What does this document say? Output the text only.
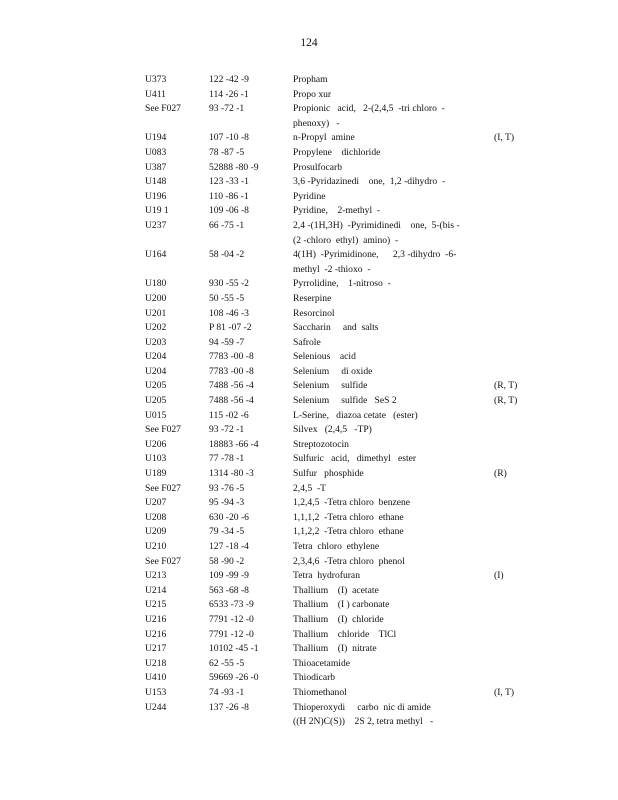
124
U373	122 -42 -9	Propham
U411	114 -26 -1	Propo xur
See F027	93 -72 -1	Propionic   acid,   2-(2,4,5  -tri chloro  -
phenoxy)   -
U194	107 -10 -8	n-Propyl  amine	(I, T)
U083	78 -87 -5	Propylene    dichloride
U387	52888 -80 -9	Prosulfocarb
U148	123 -33 -1	3,6 -Pyridazinedi    one,  1,2 -dihydro  -
U196	110 -86 -1	Pyridine
U19 1	109 -06 -8	Pyridine,    2-methyl  -
U237	66 -75 -1	2,4 -(1H,3H)  -Pyrimidinedi    one,  5-(bis -
(2 -chloro  ethyl)  amino)  -
U164	58 -04 -2	4(1H)  -Pyrimidinone,      2,3 -dihydro  -6-
methyl  -2 -thioxo  -
U180	930 -55 -2	Pyrrolidine,    1-nitroso  -
U200	50 -55 -5	Reserpine
U201	108 -46 -3	Resorcinol
U202	P 81 -07 -2	Saccharin     and  salts
U203	94 -59 -7	Safrole
U204	7783 -00 -8	Selenious    acid
U204	7783 -00 -8	Selenium     di oxide
U205	7488 -56 -4	Selenium     sulfide	(R, T)
U205	7488 -56 -4	Selenium     sulfide   SeS 2	(R, T)
U015	115 -02 -6	L-Serine,   diazoa cetate   (ester)
See F027	93 -72 -1	Silvex   (2,4,5   -TP)
U206	18883 -66 -4	Streptozotocin
U103	77 -78 -1	Sulfuric   acid,   dimethyl   ester
U189	1314 -80 -3	Sulfur   phosphide	(R)
See F027	93 -76 -5	2,4,5  -T
U207	95 -94 -3	1,2,4,5  -Tetra chloro  benzene
U208	630 -20 -6	1,1,1,2  -Tetra chloro  ethane
U209	79 -34 -5	1,1,2,2  -Tetra chloro  ethane
U210	127 -18 -4	Tetra  chloro  ethylene
See F027	58 -90 -2	2,3,4,6  -Tetra chloro  phenol
U213	109 -99 -9	Tetra  hydrofuran	(I)
U214	563 -68 -8	Thallium    (I)  acetate
U215	6533 -73 -9	Thallium    (I ) carbonate
U216	7791 -12 -0	Thallium    (I)  chloride
U216	7791 -12 -0	Thallium    chloride    TlCl
U217	10102 -45 -1	Thallium    (I)  nitrate
U218	62 -55 -5	Thioacetamide
U410	59669 -26 -0	Thiodicarb
U153	74 -93 -1	Thiomethanol	(I, T)
U244	137 -26 -8	Thioperoxydi     carbo  nic di amide
((H 2N)C(S))    2S 2, tetra methyl   -
